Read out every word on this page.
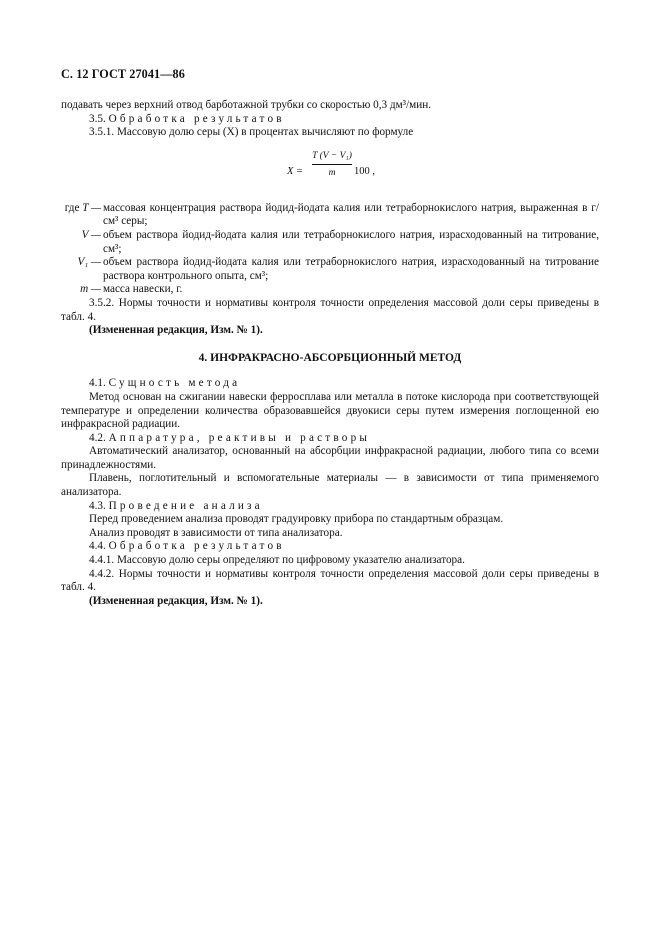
С. 12 ГОСТ 27041—86

подавать через верхний отвод барботажной трубки со скоростью 0,3 дм³/мин.

3.5. Обработка результатов

3.5.1. Массовую долю серы (X) в процентах вычисляют по формуле

$X = \frac{\text{T (V − V₁)}}{m} 100$ ,

где T — массовая концентрация раствора йодид-йодата калия или тетраборнокислого натрия, выраженная в г/см³ серы;

V — объем раствора йодид-йодата калия или тетраборнокислого натрия, израсходованный на титрование, см³;

V₁ — объем раствора йодид-йодата калия или тетраборнокислого натрия, израсходованный на титрование раствора контрольного опыта, см³;

m — масса навески, г.

3.5.2. Нормы точности и нормативы контроля точности определения массовой доли серы приведены в табл. 4.

(Измененная редакция, Изм. № 1).

4. ИНФРАКРАСНО-АБСОРБЦИОННЫЙ МЕТОД

4.1. Сущность метода

Метод основан на сжигании навески ферросплава или металла в потоке кислорода при соответствующей температуре и определении количества образовавшейся двуокиси серы путем измерения поглощенной ею инфракрасной радиации.

4.2. Аппаратура, реактивы и растворы

Автоматический анализатор, основанный на абсорбции инфракрасной радиации, любого типа со всеми принадлежностями.

Плавень, поглотительный и вспомогательные материалы — в зависимости от типа применяемого анализатора.

4.3. Проведение анализа

Перед проведением анализа проводят градуировку прибора по стандартным образцам.

Анализ проводят в зависимости от типа анализатора.

4.4. Обработка результатов

4.4.1. Массовую долю серы определяют по цифровому указателю анализатора.

4.4.2. Нормы точности и нормативы контроля точности определения массовой доли серы приведены в табл. 4.

(Измененная редакция, Изм. № 1).
